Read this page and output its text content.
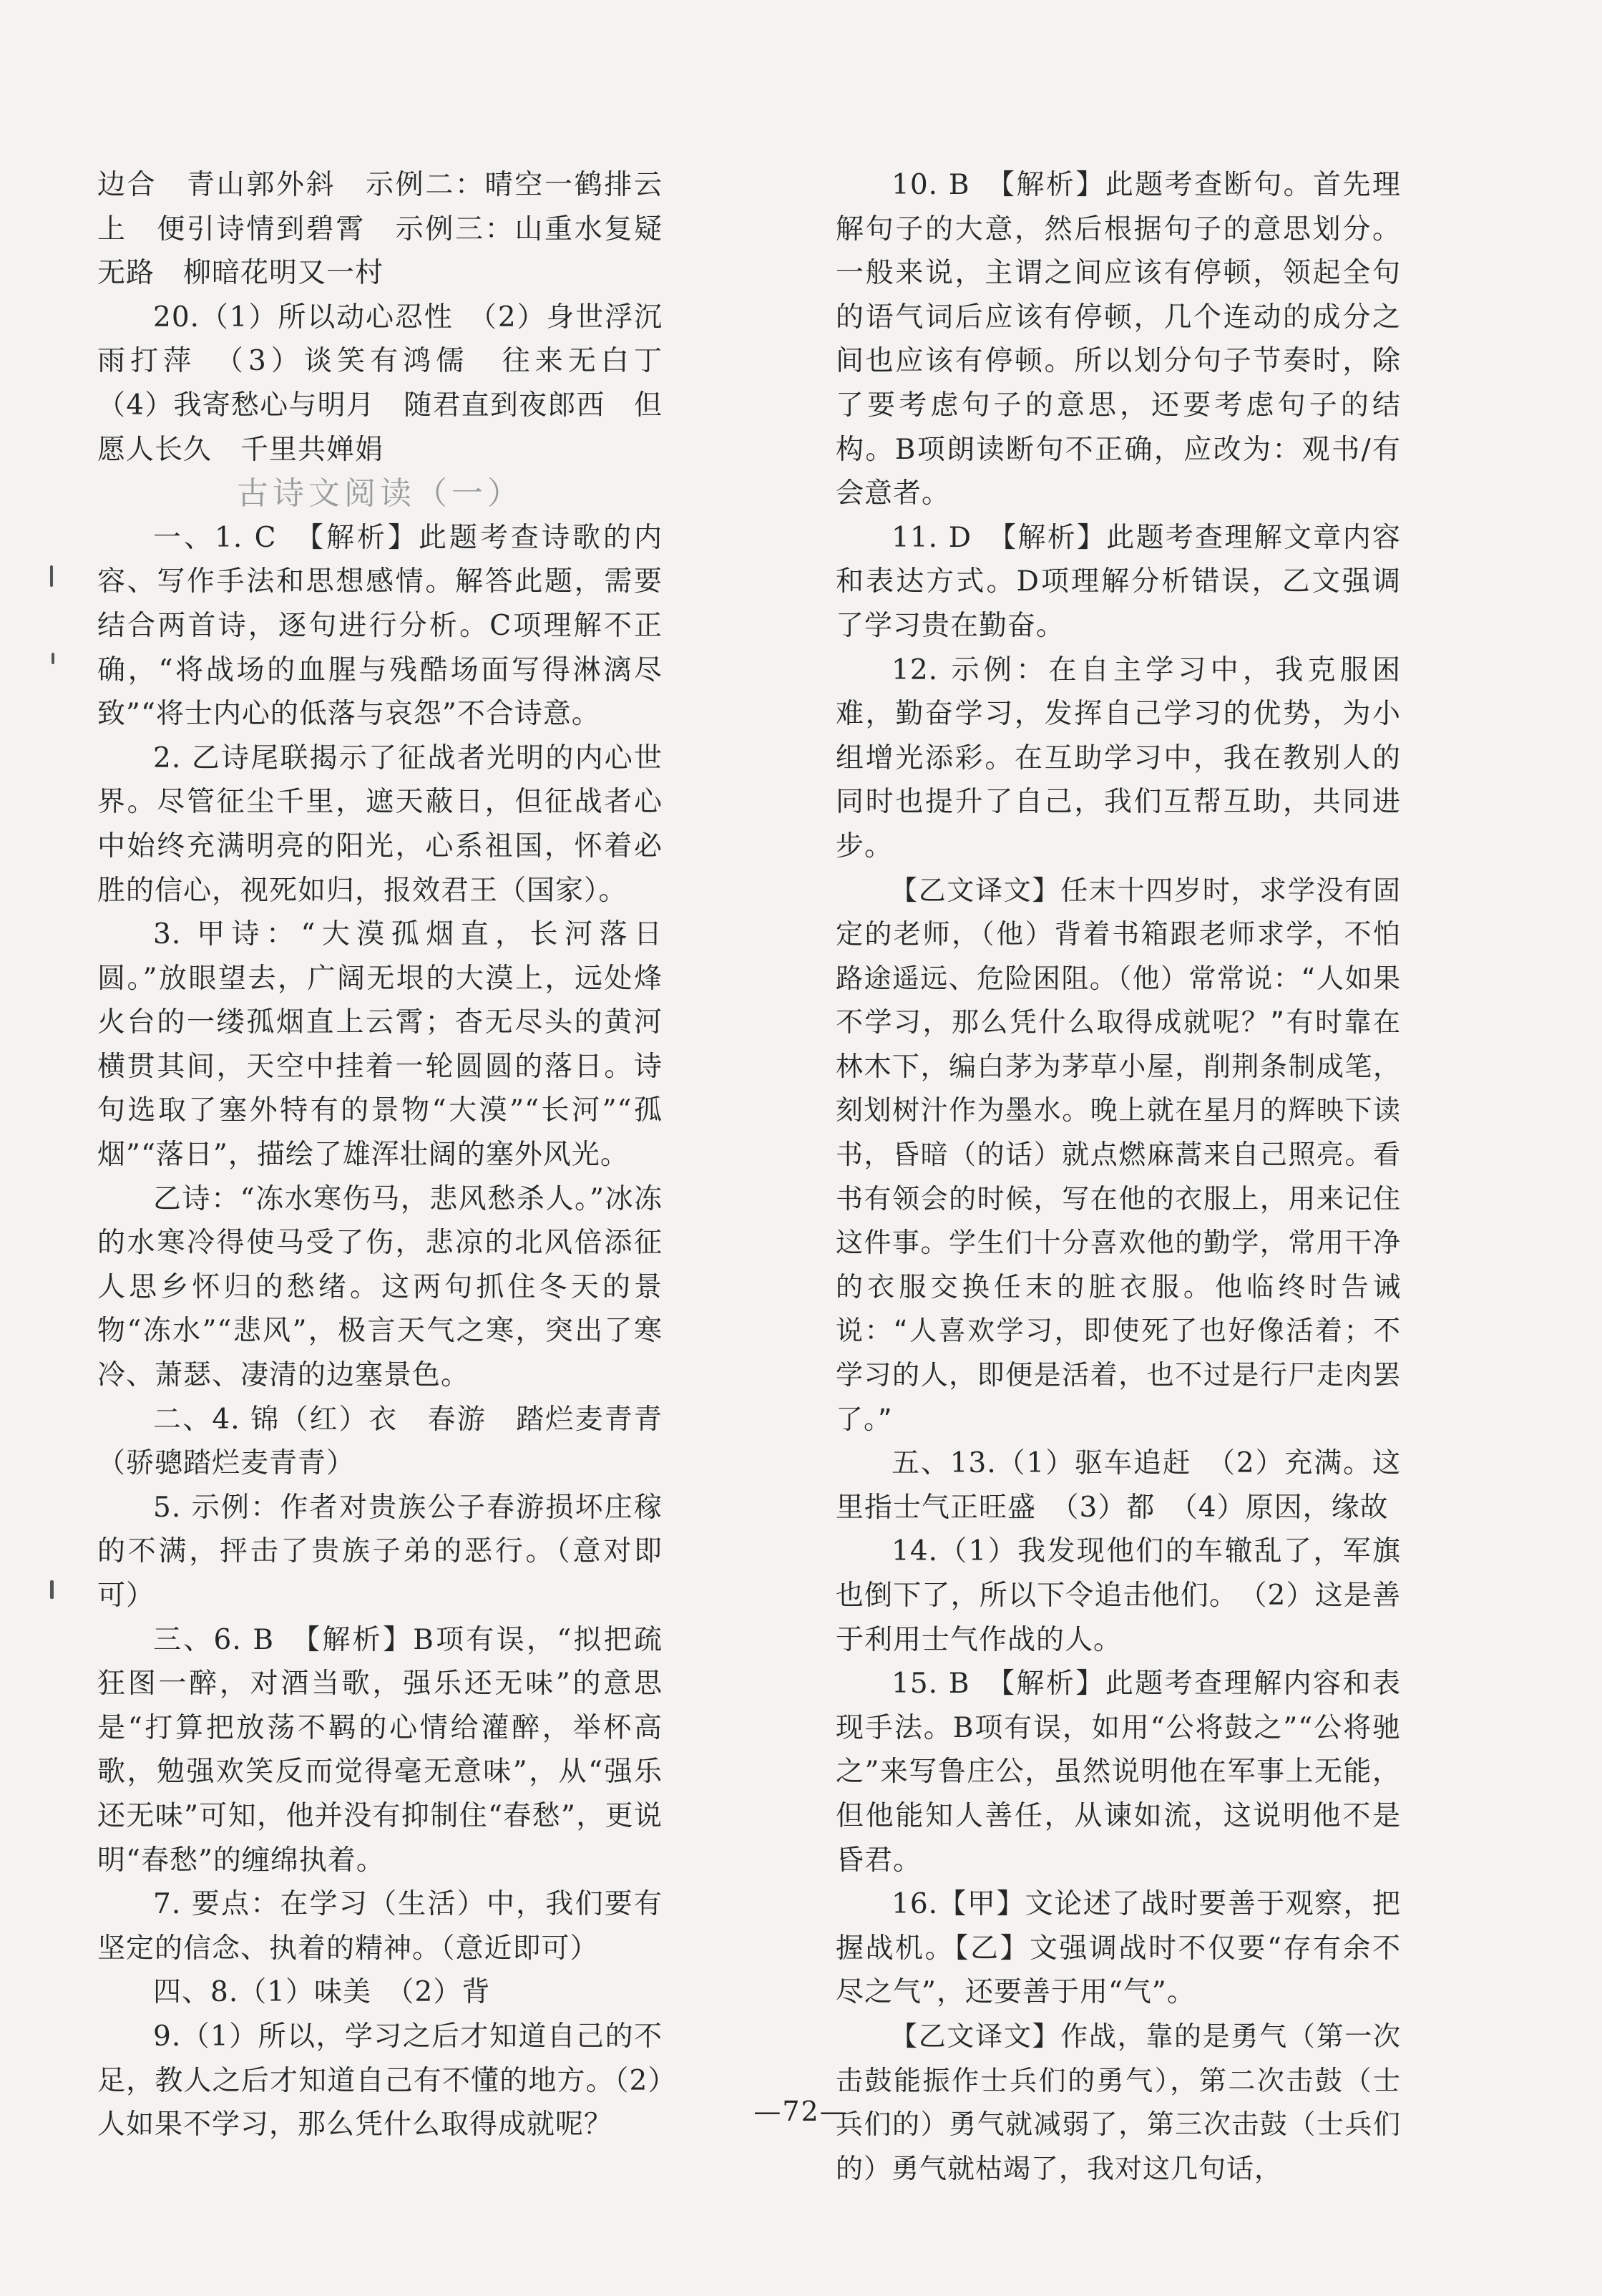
边合　青山郭外斜　示例二：晴空一鹤排云上　便引诗情到碧霄　示例三：山重水复疑无路　柳暗花明又一村

20.（1）所以动心忍性　（2）身世浮沉雨打萍　（3）谈笑有鸿儒　往来无白丁　（4）我寄愁心与明月　随君直到夜郎西　但愿人长久　千里共婵娟

古诗文阅读（一）

一、1. C　【解析】此题考查诗歌的内容、写作手法和思想感情。解答此题，需要结合两首诗，逐句进行分析。C项理解不正确，“将战场的血腥与残酷场面写得淋漓尽致”“将士内心的低落与哀怨”不合诗意。

2. 乙诗尾联揭示了征战者光明的内心世界。尽管征尘千里，遮天蔽日，但征战者心中始终充满明亮的阳光，心系祖国，怀着必胜的信心，视死如归，报效君王（国家）。

3. 甲诗：“大漠孤烟直，长河落日圆。”放眼望去，广阔无垠的大漠上，远处烽火台的一缕孤烟直上云霄；杳无尽头的黄河横贯其间，天空中挂着一轮圆圆的落日。诗句选取了塞外特有的景物“大漠”“长河”“孤烟”“落日”，描绘了雄浑壮阔的塞外风光。

乙诗：“冻水寒伤马，悲风愁杀人。”冰冻的水寒冷得使马受了伤，悲凉的北风倍添征人思乡怀归的愁绪。这两句抓住冬天的景物“冻水”“悲风”，极言天气之寒，突出了寒冷、萧瑟、凄清的边塞景色。

二、4. 锦（红）衣　春游　踏烂麦青青（骄骢踏烂麦青青）

5. 示例：作者对贵族公子春游损坏庄稼的不满，抨击了贵族子弟的恶行。（意对即可）

三、6. B　【解析】B项有误，“拟把疏狂图一醉，对酒当歌，强乐还无味”的意思是“打算把放荡不羁的心情给灌醉，举杯高歌，勉强欢笑反而觉得毫无意味”，从“强乐还无味”可知，他并没有抑制住“春愁”，更说明“春愁”的缠绵执着。

7. 要点：在学习（生活）中，我们要有坚定的信念、执着的精神。（意近即可）

四、8.（1）味美　（2）背

9.（1）所以，学习之后才知道自己的不足，教人之后才知道自己有不懂的地方。（2）人如果不学习，那么凭什么取得成就呢？

10. B　【解析】此题考查断句。首先理解句子的大意，然后根据句子的意思划分。一般来说，主谓之间应该有停顿，领起全句的语气词后应该有停顿，几个连动的成分之间也应该有停顿。所以划分句子节奏时，除了要考虑句子的意思，还要考虑句子的结构。B项朗读断句不正确，应改为：观书/有会意者。

11. D　【解析】此题考查理解文章内容和表达方式。D项理解分析错误，乙文强调了学习贵在勤奋。

12. 示例：在自主学习中，我克服困难，勤奋学习，发挥自己学习的优势，为小组增光添彩。在互助学习中，我在教别人的同时也提升了自己，我们互帮互助，共同进步。

【乙文译文】任末十四岁时，求学没有固定的老师，（他）背着书箱跟老师求学，不怕路途遥远、危险困阻。（他）常常说：“人如果不学习，那么凭什么取得成就呢？”有时靠在林木下，编白茅为茅草小屋，削荆条制成笔，刻划树汁作为墨水。晚上就在星月的辉映下读书，昏暗（的话）就点燃麻蒿来自己照亮。看书有领会的时候，写在他的衣服上，用来记住这件事。学生们十分喜欢他的勤学，常用干净的衣服交换任末的脏衣服。他临终时告诫说：“人喜欢学习，即使死了也好像活着；不学习的人，即便是活着，也不过是行尸走肉罢了。”

五、13.（1）驱车追赶　（2）充满。这里指士气正旺盛　（3）都　（4）原因，缘故

14.（1）我发现他们的车辙乱了，军旗也倒下了，所以下令追击他们。　（2）这是善于利用士气作战的人。

15. B　【解析】此题考查理解内容和表现手法。B项有误，如用“公将鼓之”“公将驰之”来写鲁庄公，虽然说明他在军事上无能，但他能知人善任，从谏如流，这说明他不是昏君。

16.【甲】文论述了战时要善于观察，把握战机。【乙】文强调战时不仅要“存有余不尽之气”，还要善于用“气”。

【乙文译文】作战，靠的是勇气（第一次击鼓能振作士兵们的勇气），第二次击鼓（士兵们的）勇气就减弱了，第三次击鼓（士兵们的）勇气就枯竭了，我对这几句话，

—72—
